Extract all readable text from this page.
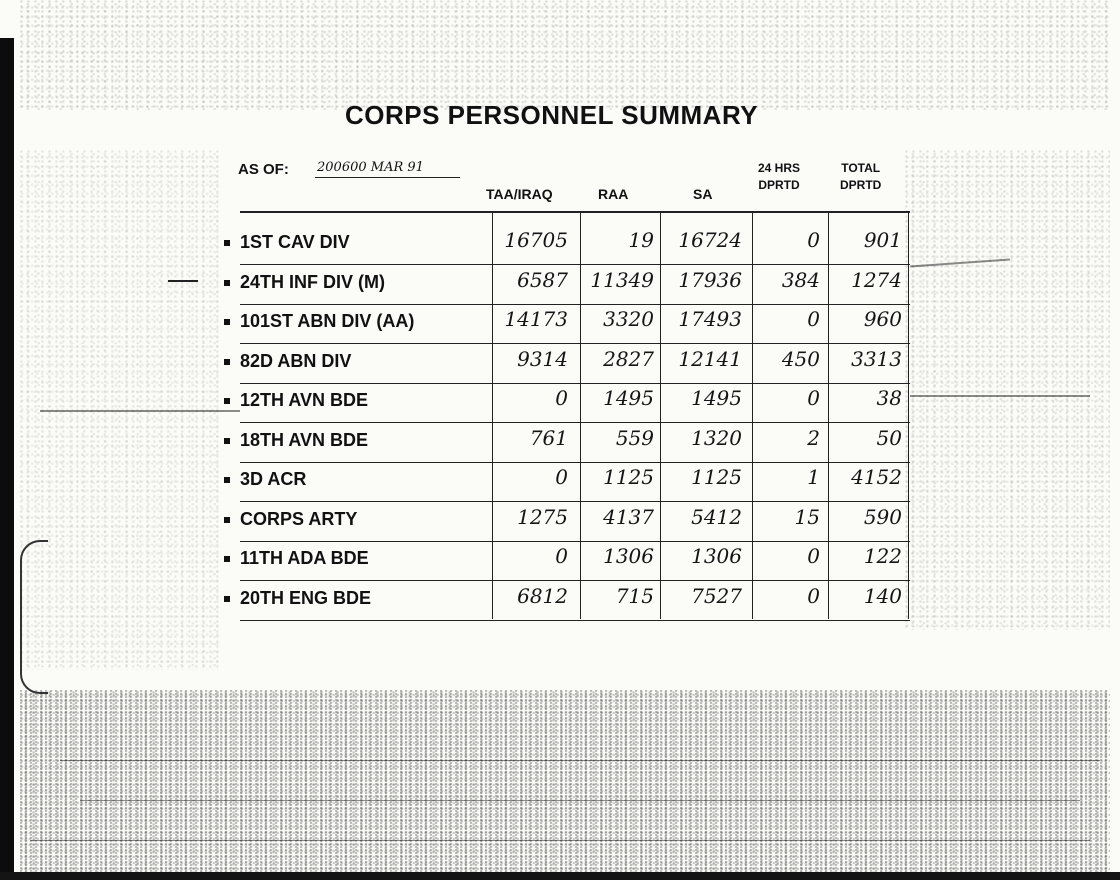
CORPS PERSONNEL SUMMARY
AS OF: 200600 MAR 91
TAA/IRAQ	RAA	SA
24 HRS
DPRTD
TOTAL
DPRTD
1ST CAV DIV	16705	19	16724	0	901
24TH INF DIV (M)	6587	11349	17936	384	1274
101ST ABN DIV (AA)	14173	3320	17493	0	960
82D ABN DIV	9314	2827	12141	450	3313
12TH AVN BDE	0	1495	1495	0	38
18TH AVN BDE	761	559	1320	2	50
3D ACR	0	1125	1125	1	4152
CORPS ARTY	1275	4137	5412	15	590
11TH ADA BDE	0	1306	1306	0	122
20TH ENG BDE	6812	715	7527	0	140
